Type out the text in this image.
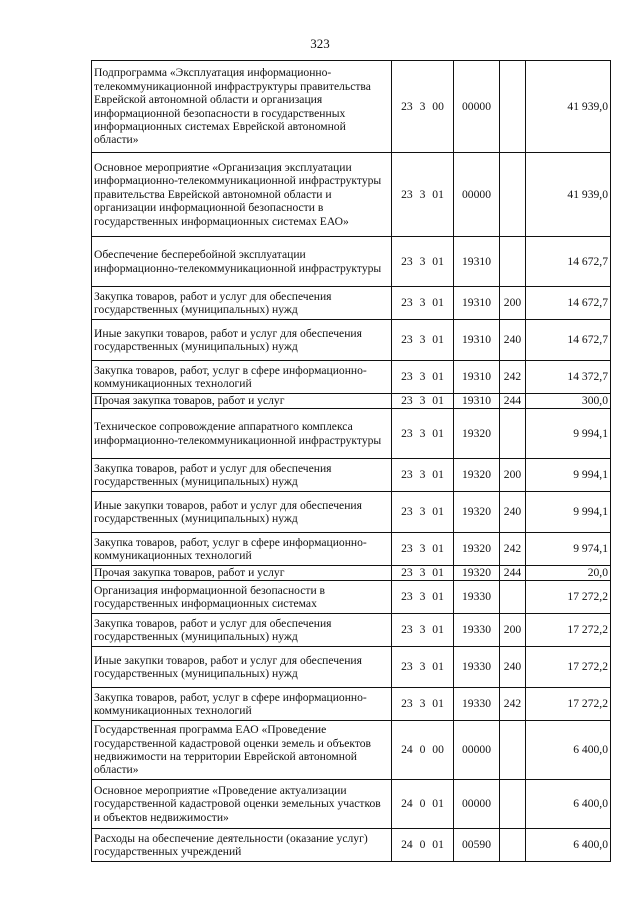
323
Подпрограмма «Эксплуатация информационно-телекоммуникационной инфраструктуры правительства Еврейской автономной области и организация информационной безопасности в государственных информационных системах Еврейской автономной области»	23 3 00	00000		41 939,0
Основное мероприятие «Организация эксплуатации информационно-телекоммуникационной инфраструктуры правительства Еврейской автономной области и организации информационной безопасности в государственных информационных системах ЕАО»	23 3 01	00000		41 939,0
Обеспечение бесперебойной эксплуатации информационно-телекоммуникационной инфраструктуры	23 3 01	19310		14 672,7
Закупка товаров, работ и услуг для обеспечения государственных (муниципальных) нужд	23 3 01	19310	200	14 672,7
Иные закупки товаров, работ и услуг для обеспечения государственных (муниципальных) нужд	23 3 01	19310	240	14 672,7
Закупка товаров, работ, услуг в сфере информационно-коммуникационных технологий	23 3 01	19310	242	14 372,7
Прочая закупка товаров, работ и услуг	23 3 01	19310	244	300,0
Техническое сопровождение аппаратного комплекса информационно-телекоммуникационной инфраструктуры	23 3 01	19320		9 994,1
Закупка товаров, работ и услуг для обеспечения государственных (муниципальных) нужд	23 3 01	19320	200	9 994,1
Иные закупки товаров, работ и услуг для обеспечения государственных (муниципальных) нужд	23 3 01	19320	240	9 994,1
Закупка товаров, работ, услуг в сфере информационно-коммуникационных технологий	23 3 01	19320	242	9 974,1
Прочая закупка товаров, работ и услуг	23 3 01	19320	244	20,0
Организация информационной безопасности в государственных информационных системах	23 3 01	19330		17 272,2
Закупка товаров, работ и услуг для обеспечения государственных (муниципальных) нужд	23 3 01	19330	200	17 272,2
Иные закупки товаров, работ и услуг для обеспечения государственных (муниципальных) нужд	23 3 01	19330	240	17 272,2
Закупка товаров, работ, услуг в сфере информационно-коммуникационных технологий	23 3 01	19330	242	17 272,2
Государственная программа ЕАО «Проведение государственной кадастровой оценки земель и объектов недвижимости на территории Еврейской автономной области»	24 0 00	00000		6 400,0
Основное мероприятие «Проведение актуализации государственной кадастровой оценки земельных участков и объектов недвижимости»	24 0 01	00000		6 400,0
Расходы на обеспечение деятельности (оказание услуг) государственных учреждений	24 0 01	00590		6 400,0
